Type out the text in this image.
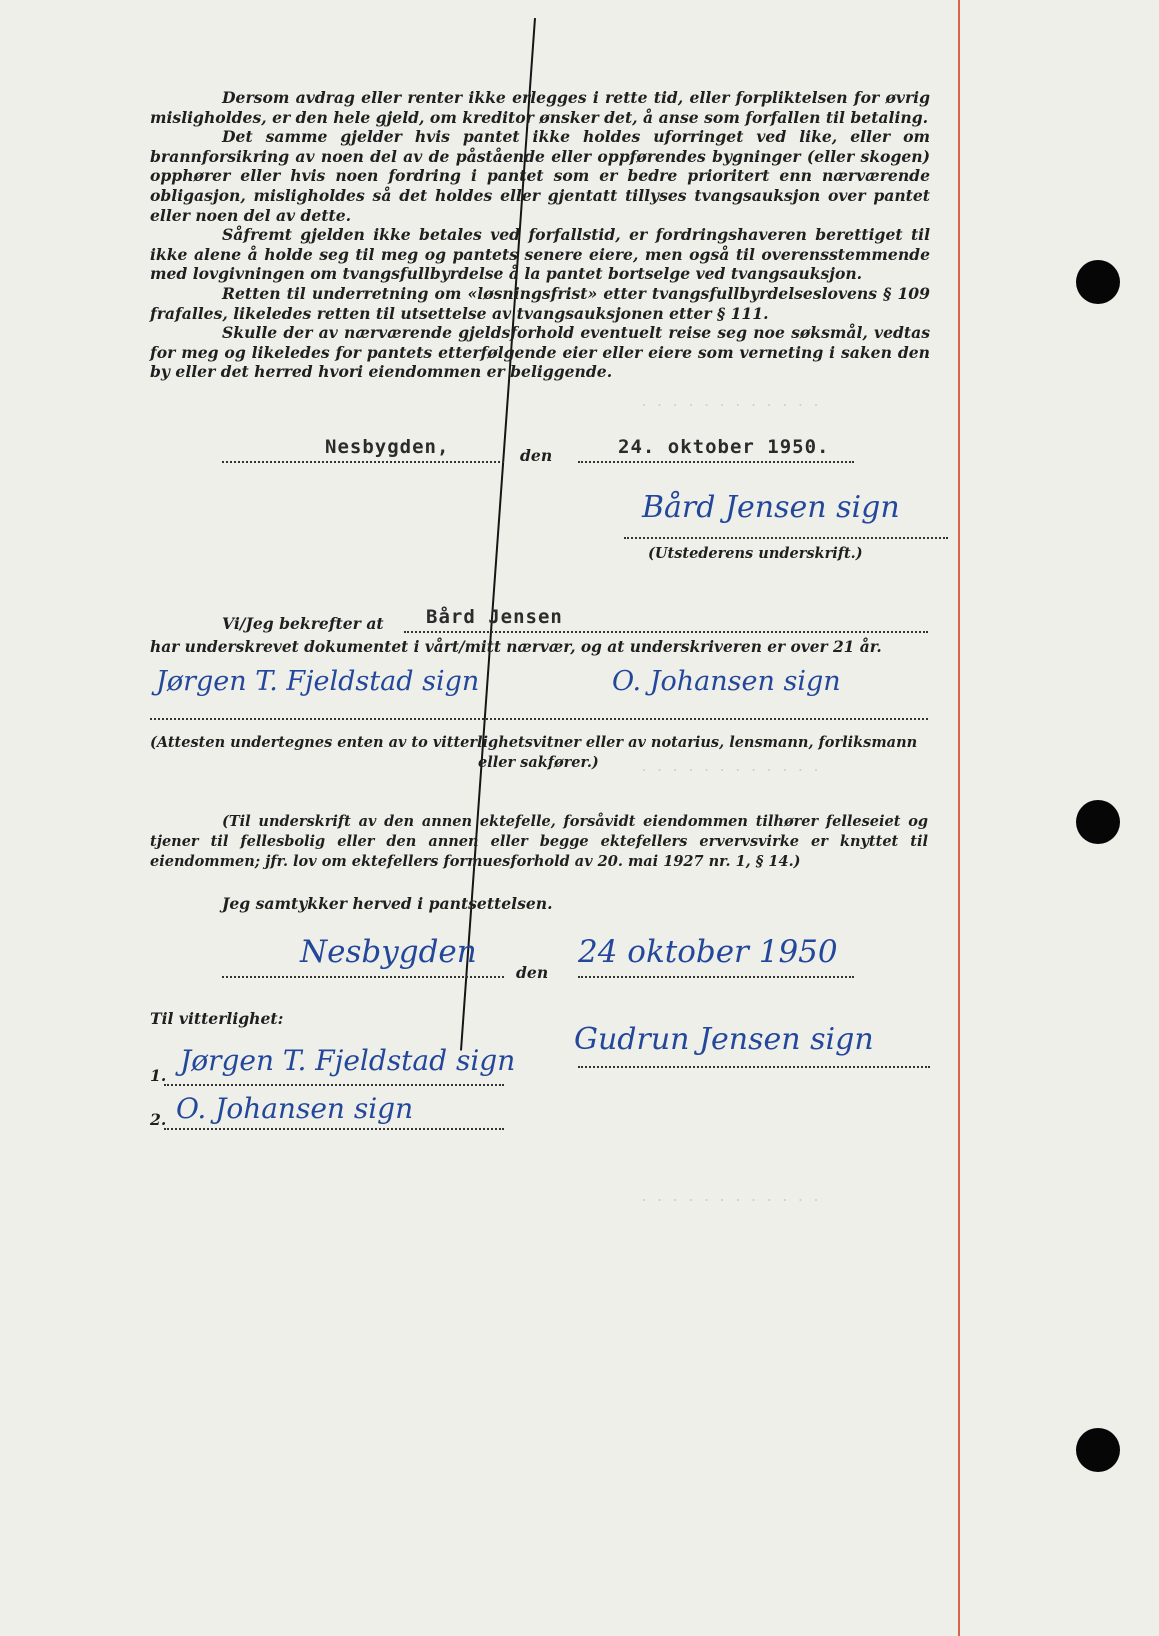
. . . . . . . . . . . .
. . . . . . . . . . . .
. . . . . . . . . . . .

Dersom avdrag eller renter ikke erlegges i rette tid, eller forpliktelsen for øvrig misligholdes, er den hele gjeld, om kreditor ønsker det, å anse som forfallen til betaling.

Det samme gjelder hvis pantet ikke holdes uforringet ved like, eller om brannforsikring av noen del av de påstående eller oppførendes bygninger (eller skogen) opphører eller hvis noen fordring i pantet som er bedre prioritert enn nærværende obligasjon, misligholdes så det holdes eller gjentatt tillyses tvangsauksjon over pantet eller noen del av dette.

Såfremt gjelden ikke betales ved forfallstid, er fordringshaveren berettiget til ikke alene å holde seg til meg og pantets senere eiere, men også til overensstemmende med lovgivningen om tvangsfullbyrdelse å la pantet bortselge ved tvangsauksjon.

Retten til underretning om «løsningsfrist» etter tvangsfullbyrdelseslovens § 109 frafalles, likeledes retten til utsettelse av tvangsauksjonen etter § 111.

Skulle der av nærværende gjeldsforhold eventuelt reise seg noe søksmål, vedtas for meg og likeledes for pantets etterfølgende eier eller eiere som verneting i saken den by eller det herred hvori eiendommen er beliggende.

Nesbygden,	den	24. oktober 1950.
Bård Jensen sign
(Utstederens underskrift.)
Vi/Jeg bekrefter at Bård Jensen
har underskrevet dokumentet i vårt/mitt nærvær, og at underskriveren er over 21 år.
Jørgen T. Fjeldstad sign	O. Johansen sign
(Attesten undertegnes enten av to vitterlighetsvitner eller av notarius, lensmann, forliksmann
eller sakfører.)
(Til underskrift av den annen ektefelle, forsåvidt eiendommen tilhører felleseiet og tjener til fellesbolig eller den annen eller begge ektefellers ervervsvirke er knyttet til eiendommen; jfr. lov om ektefellers formuesforhold av 20. mai 1927 nr. 1, § 14.)
Jeg samtykker herved i pantsettelsen.
Nesbygden
den
24 oktober 1950
Til vitterlighet:
1. Jørgen T. Fjeldstad sign
2. O. Johansen sign
Gudrun Jensen sign
